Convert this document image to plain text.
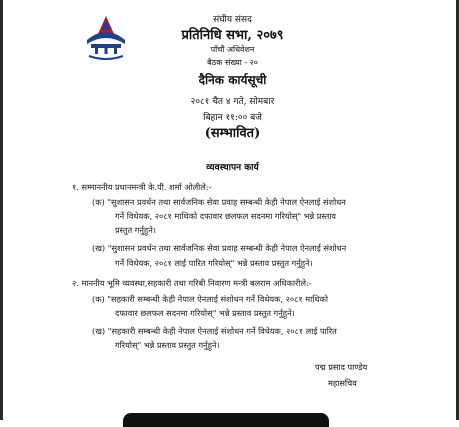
संघीय संसद
प्रतिनिधि सभा, २०७९
पाँचौं अधिवेशन
बैठक संख्या - २०
दैनिक कार्यसूची
२०८१ चैत ४ गते, सोमबार
बिहान ११:०० बजे
(सम्भावित)
व्यवस्थापन कार्य
१. सम्माननीय प्रधानमन्त्री के.पी. शर्मा ओलीले:-
(क) "सुशासन प्रवर्धन तथा सार्वजनिक सेवा प्रवाह सम्बन्धी केही नेपाल ऐनलाई संशोधन
गर्ने विधेयक, २०८१ माथिको दफावार छलफल सदनमा गरियोस्" भन्ने प्रस्ताव
प्रस्तुत गर्नुहुने।
(ख) "सुशासन प्रवर्धन तथा सार्वजनिक सेवा प्रवाह सम्बन्धी केही नेपाल ऐनलाई संशोधन
गर्ने विधेयक, २०८१ लाई पारित गरियोस्" भन्ने प्रस्ताव प्रस्तुत गर्नुहुने।
२. माननीय भूमि व्यवस्था,सहकारी तथा गरिबी निवारण मन्त्री बलराम अधिकारीले:-
(क) "सहकारी सम्बन्धी केही नेपाल ऐनलाई संशोधन गर्ने विधेयक, २०८१ माथिको
दफावार छलफल सदनमा गरियोस्" भन्ने प्रस्ताव प्रस्तुत गर्नुहुने।
(ख) "सहकारी सम्बन्धी केही नेपाल ऐनलाई संशोधन गर्ने विधेयक, २०८१ लाई पारित
गरियोस्" भन्ने प्रस्ताव प्रस्तुत गर्नुहुने।
पद्म प्रसाद पाण्डेय
महासचिव
